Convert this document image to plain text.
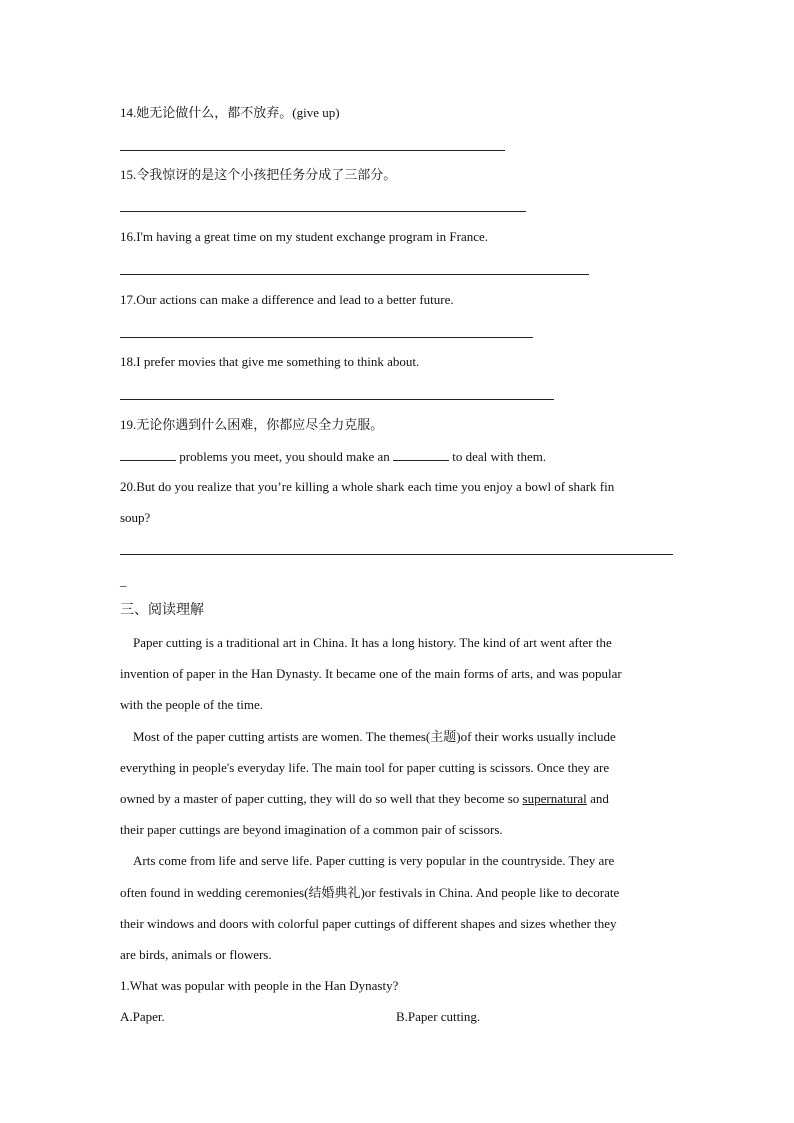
14.她无论做什么，都不放弃。(give up)
15.令我惊讶的是这个小孩把任务分成了三部分。
16.I'm having a great time on my student exchange program in France.
17.Our actions can make a difference and lead to a better future.
18.I prefer movies that give me something to think about.
19.无论你遇到什么困难，你都应尽全力克服。
problems you meet, you should make an	to deal with them.
20.But do you realize that you’re killing a whole shark each time you enjoy a bowl of shark fin
soup?
_
三、阅读理解
Paper cutting is a traditional art in China. It has a long history. The kind of art went after the
invention of paper in the Han Dynasty. It became one of the main forms of arts, and was popular
with the people of the time.
Most of the paper cutting artists are women. The themes(主题)of their works usually include
everything in people's everyday life. The main tool for paper cutting is scissors. Once they are
owned by a master of paper cutting, they will do so well that they become so supernatural and
their paper cuttings are beyond imagination of a common pair of scissors.
Arts come from life and serve life. Paper cutting is very popular in the countryside. They are
often found in wedding ceremonies(结婚典礼)or festivals in China. And people like to decorate
their windows and doors with colorful paper cuttings of different shapes and sizes whether they
are birds, animals or flowers.
1.What was popular with people in the Han Dynasty?
A.Paper.	B.Paper cutting.
